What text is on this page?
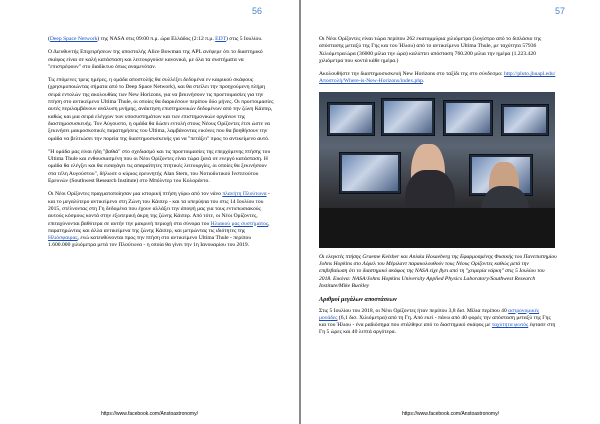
56

(Deep Space Network) της NASA στις 09:00 π.μ. ώρα Ελλάδος (2:12 π.μ. EDT) στις 5 Ιουλίου.

Ο Διευθυντής Επιχειρήσεων της αποστολής Alice Bowman της APL ανέφερε ότι το διαστημικό σκάφος είναι σε καλή κατάσταση και λειτουργούσε κανονικά, με όλα τα συστήματα να "επιστρέφουν" στο διαδίκτυο όπως αναμενόταν.

Τις επόμενες τρεις ημέρες, η ομάδα αποστολής θα συλλέξει δεδομένα εν καιρικού σκάφους (χρησιμοποιώντας σήματα από το Deep Space Network), και θα στείλει την προηγούμενη πλήρη σειρά εντολών της ακολουθίας των New Horizons, για να βεκινήσουν τις προετοιμασίες για την πτήση στο αντικείμενο Ultima Thule, οι οποίες θα διαρκέσουν περίπου δύο μήνες. Οι προετοιμασίες αυτές περιλαμβάνουν ανάλυση μνήμης, ανάκτηση επιστημονικών δεδομένων από την ζώνη Κάιπερ, καθώς και μια σειρά ελέγχων των υποσυστημάτων και των επιστημονικών οργάνων της διαστημοσυσκευής. Τον Αύγουστο, η ομάδα θα δώσει εντολή στους Νέους Ορίζοντες έτσι ώστε να ξεκινήσει μακροσκοπικές παρατηρήσεις του Ultima, λαμβάνοντας εικόνες που θα βοηθήσουν την ομάδα να βελτιώσει την πορεία της διαστημοσυσκευής για να "πετάξει" προς το αντικείμενο αυτό.

"Η ομάδα μας είναι ήδη "βαθιά" στο σχεδιασμό και τις προετοιμασίες της επερχόμενης πτήσης του Ultima Thule και ενθουσιασμένη που οι Νέοι Ορίζοντες είναι τώρα ξανά σε ενεργό κατάσταση. Η ομάδα θα ελέγξει και θα εισαγάγει τις απαραίτητες πτητικές λειτουργίες, οι οποίες θα ξεκινήσουν στα τέλη Αυγούστου", δήλωσε ο κύριος ερευνητής Alan Stern, του Νοτιοδυτικού Ινστιτούτου Ερευνών (Southwest Research Institute) στο Μπόλντερ του Κολοράντο.

Οι Νέοι Ορίζοντες πραγματοποίησαν μια ιστορική πτήση γύρω από τον νάνο πλανήτη Πλούτωνα - και το μεγαλύτερο αντικείμενο στη Ζώνη του Κάιπερ - και τα υπερύψια του στις 14 Ιουλίου του 2015, στέλνοντας στη Γη δεδομένα που έχουν αλλάξει την άποψή μας για τους εντυπωσιακούς αυτούς κόσμους κοντά στην εξωτερική άκρη της ζώνης Κάιπερ. Από τότε, οι Νέοι Ορίζοντες, επιταχύνονται βαθύτερα σε αυτήν την μακρινή περιοχή στα σύνορα του Ηλιακού μας συστήματος, παρατηρώντας και άλλα αντικείμενα της ζώνης Κάιπερ, και μετρώντας τις ιδιότητες της Ηλιόσφαιρας, ενώ κατευθύνονται προς την πτήση στο αντικείμενο Ultima Thule - περίπου 1.600.000 χιλιόμετρα μετά τον Πλούτωνα - η οποία θα γίνει την 1η Ιανουαρίου του 2019.

https://www.facebook.com/Anstoastronomy/
57

Οι Νέοι Ορίζοντες είναι τώρα περίπου 262 εκατομμύρια χιλιόμετρα (λογίστρο από το διπλάσιο της απόστασης μεταξύ της Γης και του Ήλιου) από το αντικείμενο Ultima Thule, με ταχύτητα 57936 Χιλιόμετρα/ώρα (36000 μίλια την ώρα) καλύπτει απόσταση 760.200 μίλια την ημέρα (1.223.420 χιλιόμετρα που κοντά κάθε ημέρα.)

Ακολουθήστε την διαστημοσυσκευή New Horizons στο ταξίδι της στο σύνδεσμο: http://pluto.jhuapl.edu/Αποστολή/Where-is-New-Horizons/index.php.

Οι ελεγκτές πτήσης Graeme Kelsher και Aniska Hosaeberg της Εφαρμοσμένης Φυσικής του Πανεπιστημίου Johns Hopkins στο Λόρελ του Μέριλαντ παρακολουθούν τους Νέους Ορίζοντες καθώς μετά την επιβεβαίωση ότι το διαστημικό σκάφος της NASA είχε βγει από τη "χειμερία νάρκη" στις 5 Ιουλίου του 2018. Εικόνα: NASA/Johns Hopkins University Applied Physics Laboratory/Southwest Research Institute/Mike Buckley

Αριθμοί μεγάλων αποστάσεων

Στις 5 Ιουλίου του 2018, οι Νέοι Ορίζοντες ήταν περίπου 3,8 δισ. Μίλια περίπου 40 αστρονομικές μονάδες (6,1 δισ. Χιλιόμετρα) από τη Γη. Από εκεί - πάνω από 40 φορές την απόσταση μεταξύ της Γης και του Ήλιου - ένα ραδιόσημα που στάλθηκε από το διαστημικό σκάφος με ταχύτητα φωτός έφτασε στη Γη 5 ώρες και 40 λεπτά αργότερα.

https://www.facebook.com/Anstoastronomy/
